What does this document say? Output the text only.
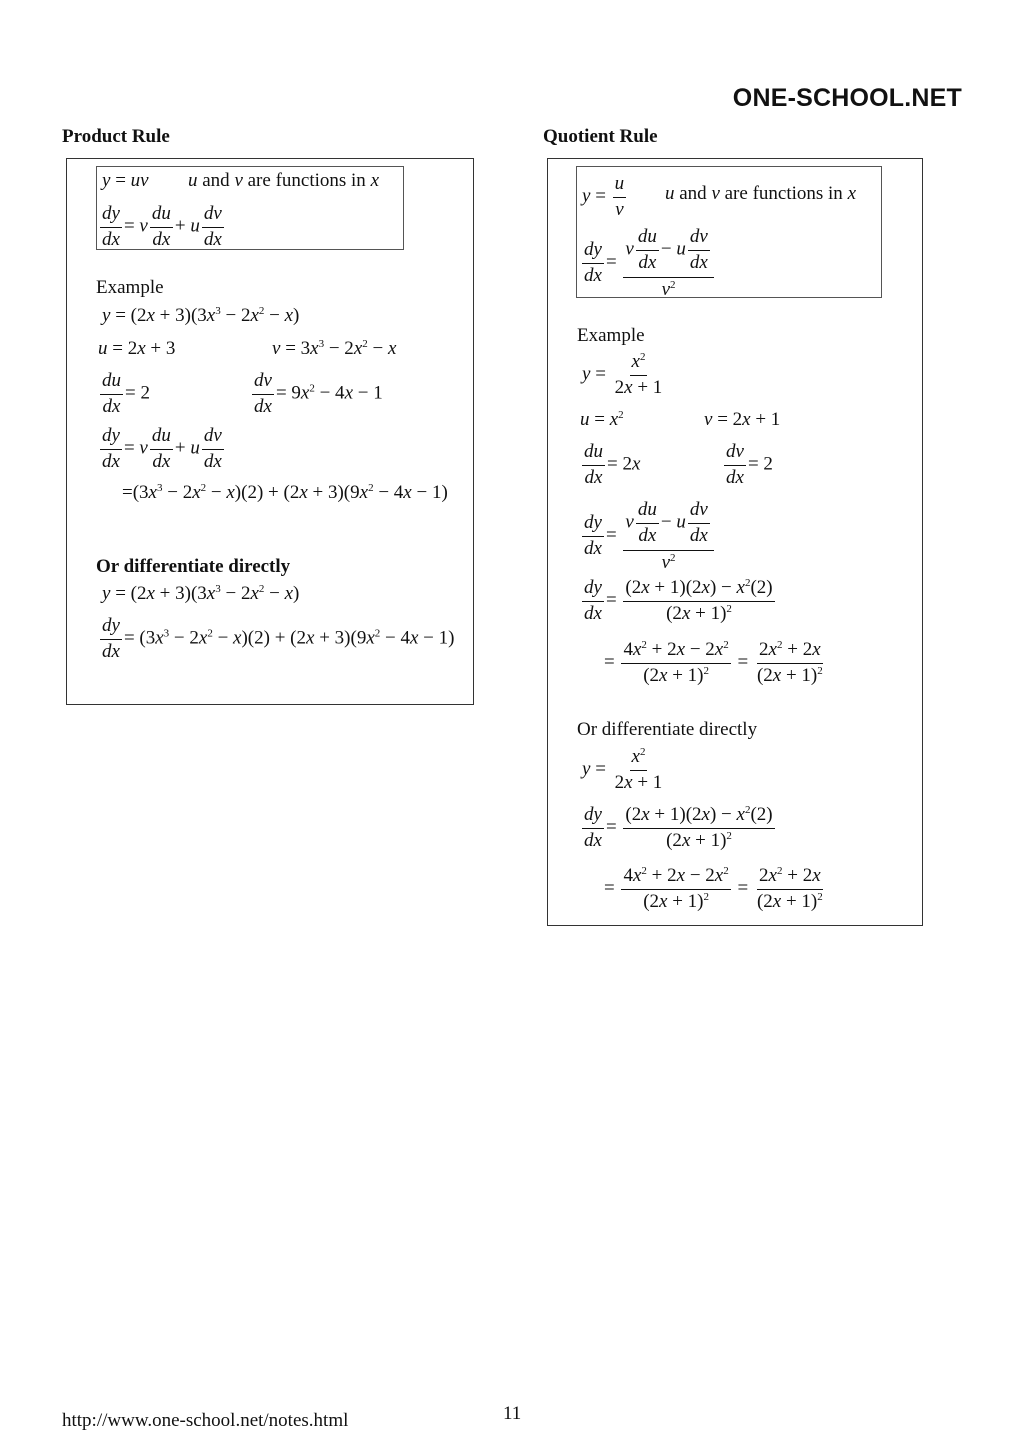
ONE-SCHOOL.NET
Product Rule
y = uv u and v are functions in x
$\frac{dy}{dx} = v \frac{du}{dx} + u \frac{dv}{dx}$
Example
$y = (2x + 3)(3x^3 - 2x^2 - x)$
u = 2x + 3	$v = 3x^3 - 2x^2 - x$
$\frac{du}{dx} = 2$	$\frac{dv}{dx} = 9x^2 - 4x - 1$
$\frac{dy}{dx} = v \frac{du}{dx} + u \frac{dv}{dx}$
$=(3x^3 - 2x^2 - x)(2) + (2x + 3)(9x^2 - 4x - 1)$
Or differentiate directly
$y = (2x + 3)(3x^3 - 2x^2 - x)$
$\frac{dy}{dx} = (3x^3 - 2x^2 - x)(2) + (2x + 3)(9x^2 - 4x - 1)$
Quotient Rule
$y = \frac{u}{v}$ u and v are functions in x
$\frac{dy}{dx} = \frac{v \frac{du}{dx} - u \frac{dv}{dx}}{v^2}$
Example
$y = \frac{x^2}{2x + 1}$
$u = x^2$	v = 2x + 1
$\frac{du}{dx} = 2x$	$\frac{dv}{dx} = 2$
$\frac{dy}{dx} = \frac{v \frac{du}{dx} - u \frac{dv}{dx}}{v^2}$
$\frac{dy}{dx} = \frac{(2x + 1)(2x) - x^2(2)}{(2x + 1)^2}$
= $\frac{4x^2 + 2x - 2x^2}{(2x + 1)^2} = \frac{2x^2 + 2x}{(2x + 1)^2}$
Or differentiate directly
$y = \frac{x^2}{2x + 1}$
$\frac{dy}{dx} = \frac{(2x + 1)(2x) - x^2(2)}{(2x + 1)^2}$
= $\frac{4x^2 + 2x - 2x^2}{(2x + 1)^2} = \frac{2x^2 + 2x}{(2x + 1)^2}$
http://www.one-school.net/notes.html	11
